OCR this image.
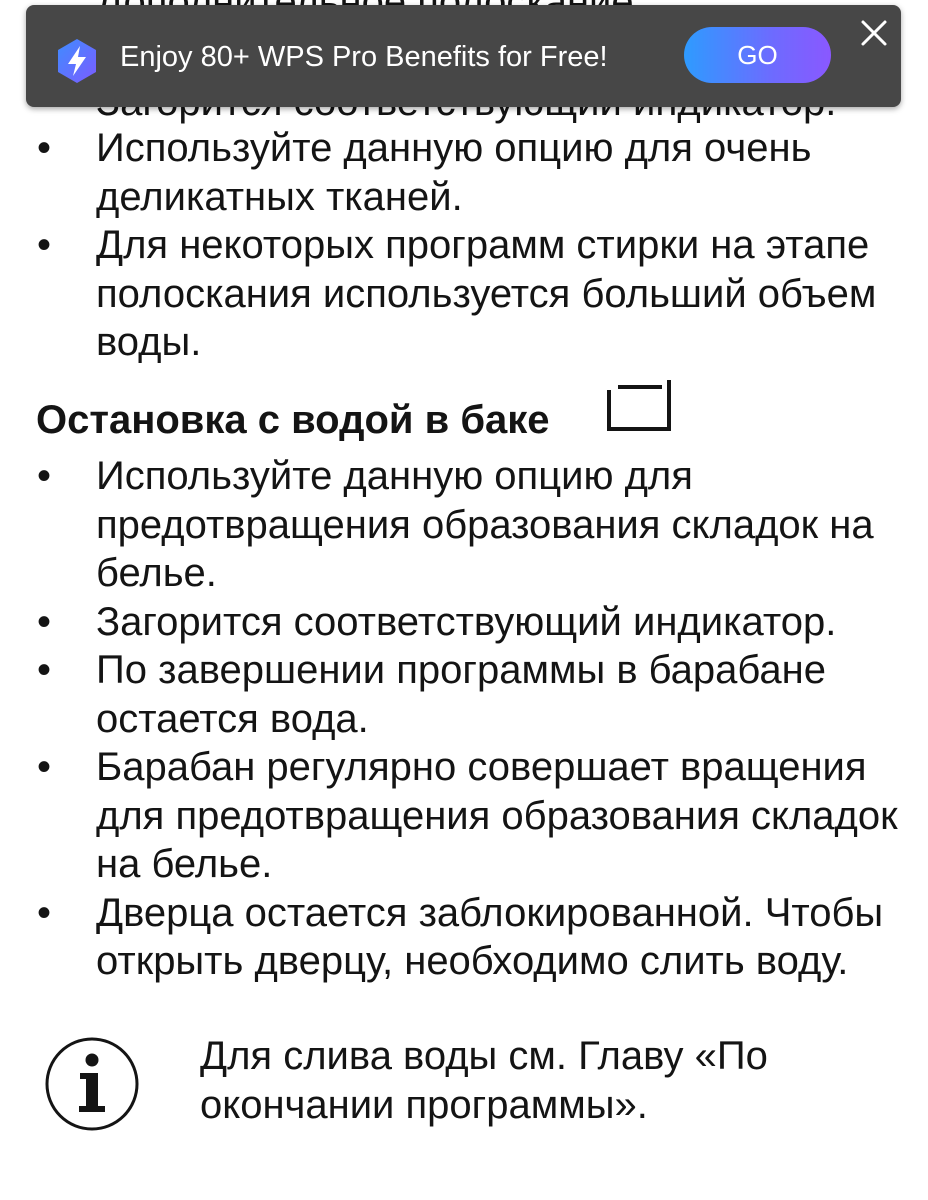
• Используйте данную опцию для очень
деликатных тканей.
• Для некоторых программ стирки на этапе
полоскания используется больший объем
воды.
Остановка с водой в баке
• Используйте данную опцию для
предотвращения образования складок на
белье.
• Загорится соответствующий индикатор.
• По завершении программы в барабане
остается вода.
• Барабан регулярно совершает вращения
для предотвращения образования складок
на белье.
• Дверца остается заблокированной. Чтобы
открыть дверцу, необходимо слить воду.
Для слива воды см. Главу «По
окончании программы».
Enjoy 80+ WPS Pro Benefits for Free!	GO
